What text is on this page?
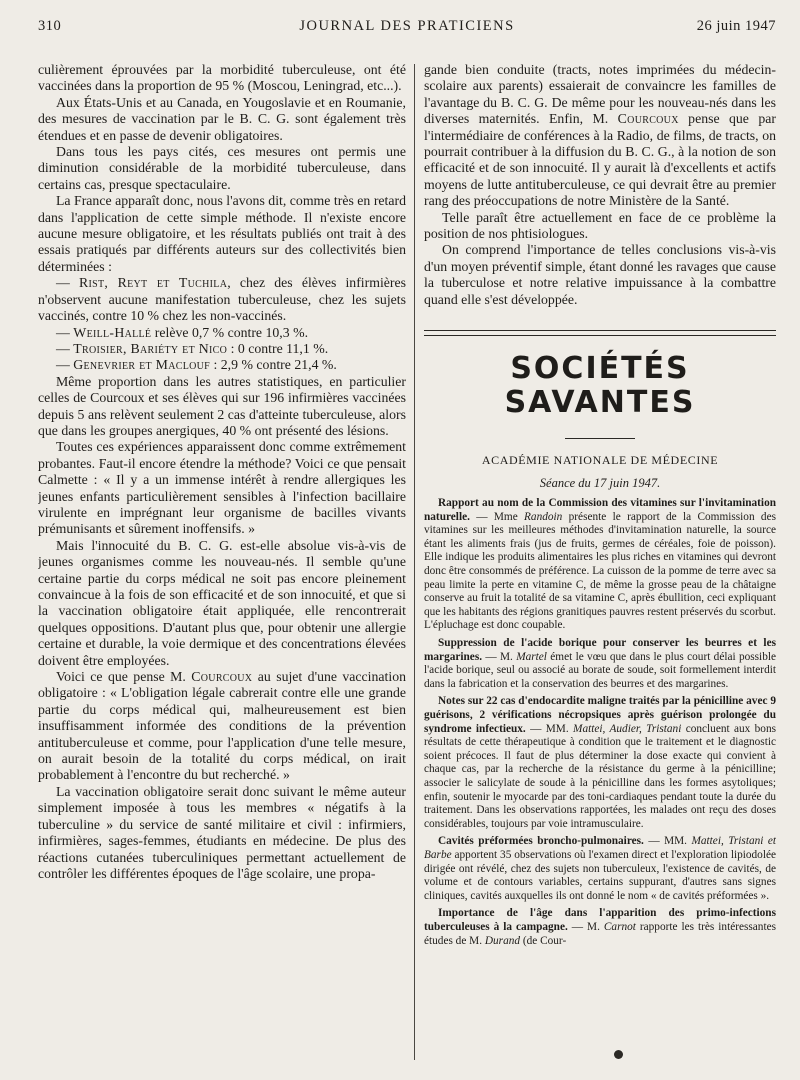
310	JOURNAL DES PRATICIENS	26 juin 1947

culièrement éprouvées par la morbidité tuberculeuse, ont été vaccinées dans la proportion de 95 % (Moscou, Leningrad, etc...).

Aux États-Unis et au Canada, en Yougoslavie et en Roumanie, des mesures de vaccination par le B. C. G. sont également très étendues et en passe de devenir obligatoires.

Dans tous les pays cités, ces mesures ont permis une diminution considérable de la morbidité tuberculeuse, dans certains cas, presque spectaculaire.

La France apparaît donc, nous l'avons dit, comme très en retard dans l'application de cette simple méthode. Il n'existe encore aucune mesure obligatoire, et les résultats publiés ont trait à des essais pratiqués par différents auteurs sur des collectivités bien déterminées :

— Rist, Reyt et Tuchila, chez des élèves infirmières n'observent aucune manifestation tuberculeuse, chez les sujets vaccinés, contre 10 % chez les non-vaccinés.

— Weill-Hallé relève 0,7 % contre 10,3 %.

— Troisier, Bariéty et Nico : 0 contre 11,1 %.

— Genevrier et Maclouf : 2,9 % contre 21,4 %.

Même proportion dans les autres statistiques, en particulier celles de Courcoux et ses élèves qui sur 196 infirmières vaccinées depuis 5 ans relèvent seulement 2 cas d'atteinte tuberculeuse, alors que dans les groupes anergiques, 40 % ont présenté des lésions.

Toutes ces expériences apparaissent donc comme extrêmement probantes. Faut-il encore étendre la méthode? Voici ce que pensait Calmette : « Il y a un immense intérêt à rendre allergiques les jeunes enfants particulièrement sensibles à l'infection bacillaire virulente en imprégnant leur organisme de bacilles vivants prémunisants et sûrement inoffensifs. »

Mais l'innocuité du B. C. G. est-elle absolue vis-à-vis de jeunes organismes comme les nouveau-nés. Il semble qu'une certaine partie du corps médical ne soit pas encore pleinement convaincue à la fois de son efficacité et de son innocuité, et que si la vaccination obligatoire était appliquée, elle rencontrerait quelques oppositions. D'autant plus que, pour obtenir une allergie certaine et durable, la voie dermique et des concentrations élevées doivent être employées.

Voici ce que pense M. Courcoux au sujet d'une vaccination obligatoire : « L'obligation légale cabrerait contre elle une grande partie du corps médical qui, malheureusement est bien insuffisamment informée des conditions de la prévention antituberculeuse et comme, pour l'application d'une telle mesure, on aurait besoin de la totalité du corps médical, on irait probablement à l'encontre du but recherché. »

La vaccination obligatoire serait donc suivant le même auteur simplement imposée à tous les membres « négatifs à la tuberculine » du service de santé militaire et civil : infirmiers, infirmières, sages-femmes, étudiants en médecine. De plus des réactions cutanées tuberculiniques permettant actuellement de contrôler les différentes époques de l'âge scolaire, une propa-

gande bien conduite (tracts, notes imprimées du médecin-scolaire aux parents) essaierait de convaincre les familles de l'avantage du B. C. G. De même pour les nouveau-nés dans les diverses maternités. Enfin, M. Courcoux pense que par l'intermédiaire de conférences à la Radio, de films, de tracts, on pourrait contribuer à la diffusion du B. C. G., à la notion de son efficacité et de son innocuité. Il y aurait là d'excellents et actifs moyens de lutte antituberculeuse, ce qui devrait être au premier rang des préoccupations de notre Ministère de la Santé.

Telle paraît être actuellement en face de ce problème la position de nos phtisiologues.

On comprend l'importance de telles conclusions vis-à-vis d'un moyen préventif simple, étant donné les ravages que cause la tuberculose et notre relative impuissance à la combattre quand elle s'est développée.

SOCIÉTÉS SAVANTES
ACADÉMIE NATIONALE DE MÉDECINE
Séance du 17 juin 1947.

Rapport au nom de la Commission des vitamines sur l'invitamination naturelle. — Mme Randoin présente le rapport de la Commission des vitamines sur les meilleures méthodes d'invitamination naturelle, la source étant les aliments frais (jus de fruits, germes de céréales, foie de poisson). Elle indique les produits alimentaires les plus riches en vitamines qui devront donc être consommés de préférence. La cuisson de la pomme de terre avec sa peau limite la perte en vitamine C, de même la grosse peau de la châtaigne conserve au fruit la totalité de sa vitamine C, après ébullition, ceci expliquant que les habitants des régions granitiques pauvres restent préservés du scorbut. L'épluchage est donc coupable.

Suppression de l'acide borique pour conserver les beurres et les margarines. — M. Martel émet le vœu que dans le plus court délai possible l'acide borique, seul ou associé au borate de soude, soit formellement interdit dans la fabrication et la conservation des beurres et des margarines.

Notes sur 22 cas d'endocardite maligne traités par la pénicilline avec 9 guérisons, 2 vérifications nécropsiques après guérison prolongée du syndrome infectieux. — MM. Mattei, Audier, Tristani concluent aux bons résultats de cette thérapeutique à condition que le traitement et le diagnostic soient précoces. Il faut de plus déterminer la dose exacte qui convient à chaque cas, par la recherche de la résistance du germe à la pénicilline; associer le salicylate de soude à la pénicilline dans les formes asytoliques; enfin, soutenir le myocarde par des toni-cardiaques pendant toute la durée du traitement. Dans les observations rapportées, les malades ont reçu des doses considérables, toujours par voie intramusculaire.

Cavités préformées broncho-pulmonaires. — MM. Mattei, Tristani et Barbe apportent 35 observations où l'examen direct et l'exploration lipiodolée dirigée ont révélé, chez des sujets non tuberculeux, l'existence de cavités, de volume et de contours variables, certains suppurant, d'autres sans signes cliniques, cavités auxquelles ils ont donné le nom « de cavités préformées ».

Importance de l'âge dans l'apparition des primo-infections tuberculeuses à la campagne. — M. Carnot rapporte les très intéressantes études de M. Durand (de Cour-
